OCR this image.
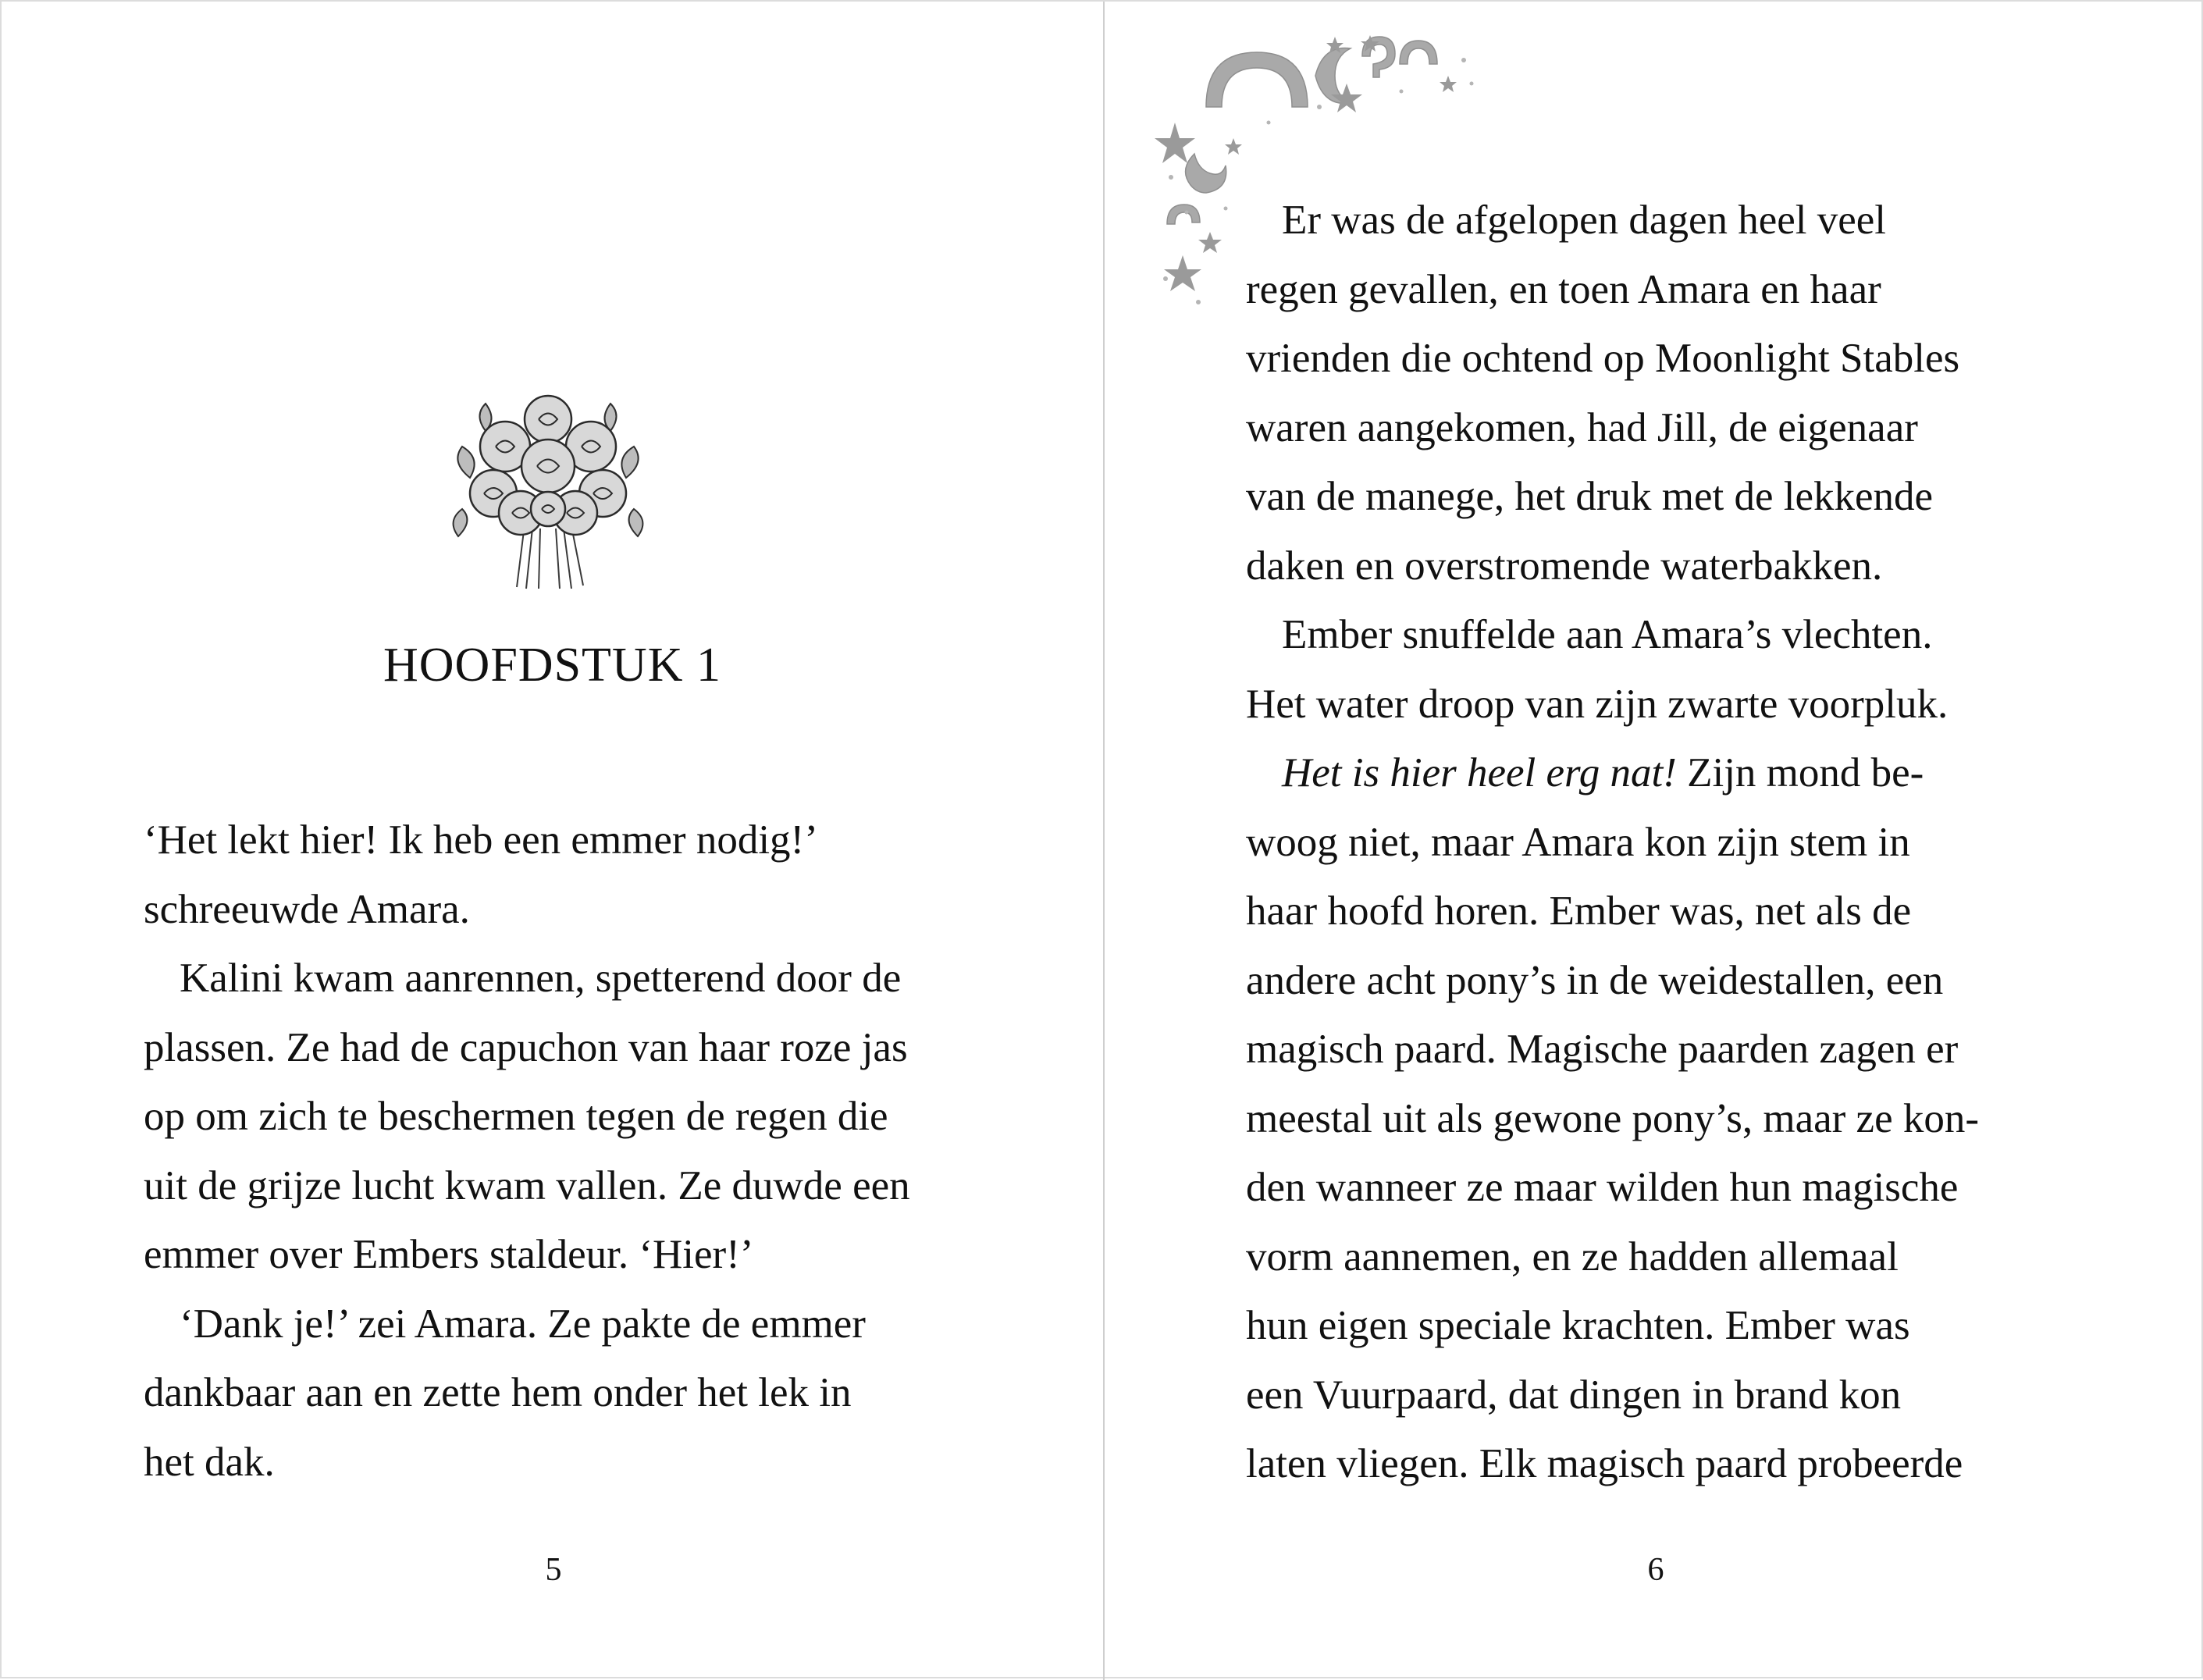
HOOFDSTUK 1
‘Het lekt hier! Ik heb een emmer nodig!’
schreeuwde Amara.
Kalini kwam aanrennen, spetterend door de
plassen. Ze had de capuchon van haar roze jas
op om zich te beschermen tegen de regen die
uit de grijze lucht kwam vallen. Ze duwde een
emmer over Embers staldeur. ‘Hier!’
‘Dank je!’ zei Amara. Ze pakte de emmer
dankbaar aan en zette hem onder het lek in
het dak.
5
Er was de afgelopen dagen heel veel
regen gevallen, en toen Amara en haar
vrienden die ochtend op Moonlight Stables
waren aangekomen, had Jill, de eigenaar
van de manege, het druk met de lekkende
daken en overstromende waterbakken.
Ember snuffelde aan Amara’s vlechten.
Het water droop van zijn zwarte voorpluk.
Het is hier heel erg nat! Zijn mond be-
woog niet, maar Amara kon zijn stem in
haar hoofd horen. Ember was, net als de
andere acht pony’s in de weidestallen, een
magisch paard. Magische paarden zagen er
meestal uit als gewone pony’s, maar ze kon-
den wanneer ze maar wilden hun magische
vorm aannemen, en ze hadden allemaal
hun eigen speciale krachten. Ember was
een Vuurpaard, dat dingen in brand kon
laten vliegen. Elk magisch paard probeerde
6
